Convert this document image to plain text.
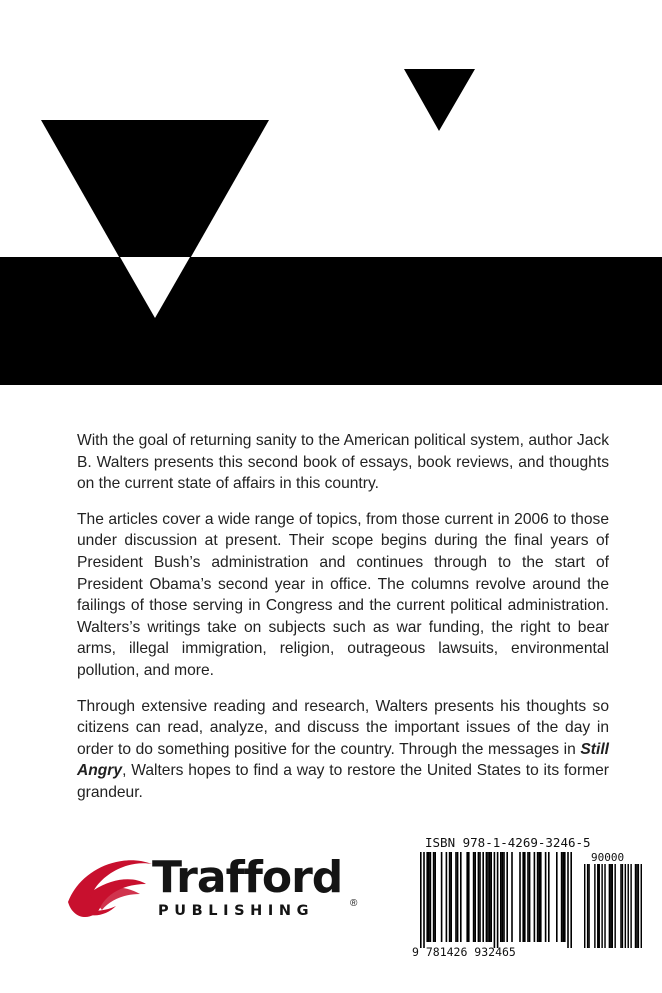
With the goal of returning sanity to the American political system, author Jack B. Walters presents this second book of essays, book reviews, and thoughts on the current state of affairs in this country.

The articles cover a wide range of topics, from those current in 2006 to those under discussion at present. Their scope begins during the final years of President Bush’s administration and continues through to the start of President Obama’s second year in office. The columns revolve around the failings of those serving in Congress and the current political administration. Walters’s writings take on subjects such as war funding, the right to bear arms, illegal immigration, religion, outrageous lawsuits, environmental pollution, and more.

Through extensive reading and research, Walters presents his thoughts so citizens can read, analyze, and discuss the important issues of the day in order to do something positive for the country. Through the messages in Still Angry, Walters hopes to find a way to restore the United States to its former grandeur.

Trafford
PUBLISHING	®
ISBN 978-1-4269-3246-5
9 781426 932465
90000
